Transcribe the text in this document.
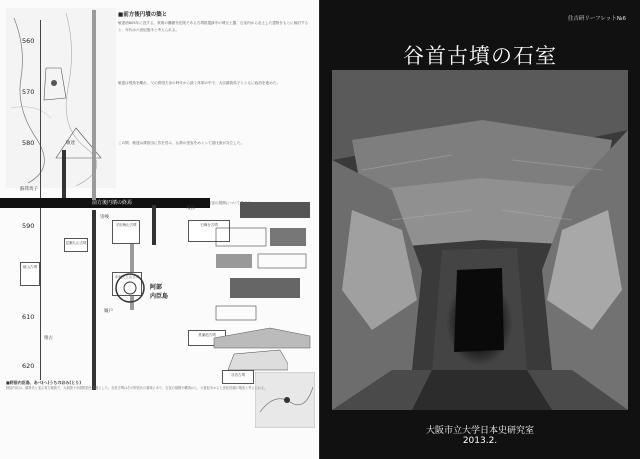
■前方後円墳の築と

敏達治605年に没する。欽明の難願寺在陵である古墳群遺跡中の墳丘土器、石室内から出土した遺物をもとに検討すると、年代は六世紀後半と考えられる。

敏達は飛鳥を離れ、父の欽明天皇の時代から続く体制の中で、大臣蘇我馬子とともに政治を進めた。

この間、敏達は譯語田に宮を営み、仏教の受容をめぐって諸氏族が対立した。

560
570
580
590
610
620
前方後円墳の終焉
蘇我馬子
敏達
崇峻
推古
厩戸
飛鳥
阿部
内臣島
平田梅山古墳
植山古墳
見瀬丸山古墳
赤坂天王山古墳
石舞台古墳
菖蒲池古墳
谷首古墳
■阿倍内臣島、あべ(へ)うちのおみ(とり)
阿倍内臣は、蘇我氏と並ぶ有力豪族で、大和国十市郡阿倍を本拠とした。谷首古墳はその阿倍氏の墓域にあり、石室の規模や構造から、六世紀末から七世紀初頭の築造と考えられる。
住吉研リーフレット№6
谷首古墳の石室
大阪市立大学日本史研究室
2013.2.
